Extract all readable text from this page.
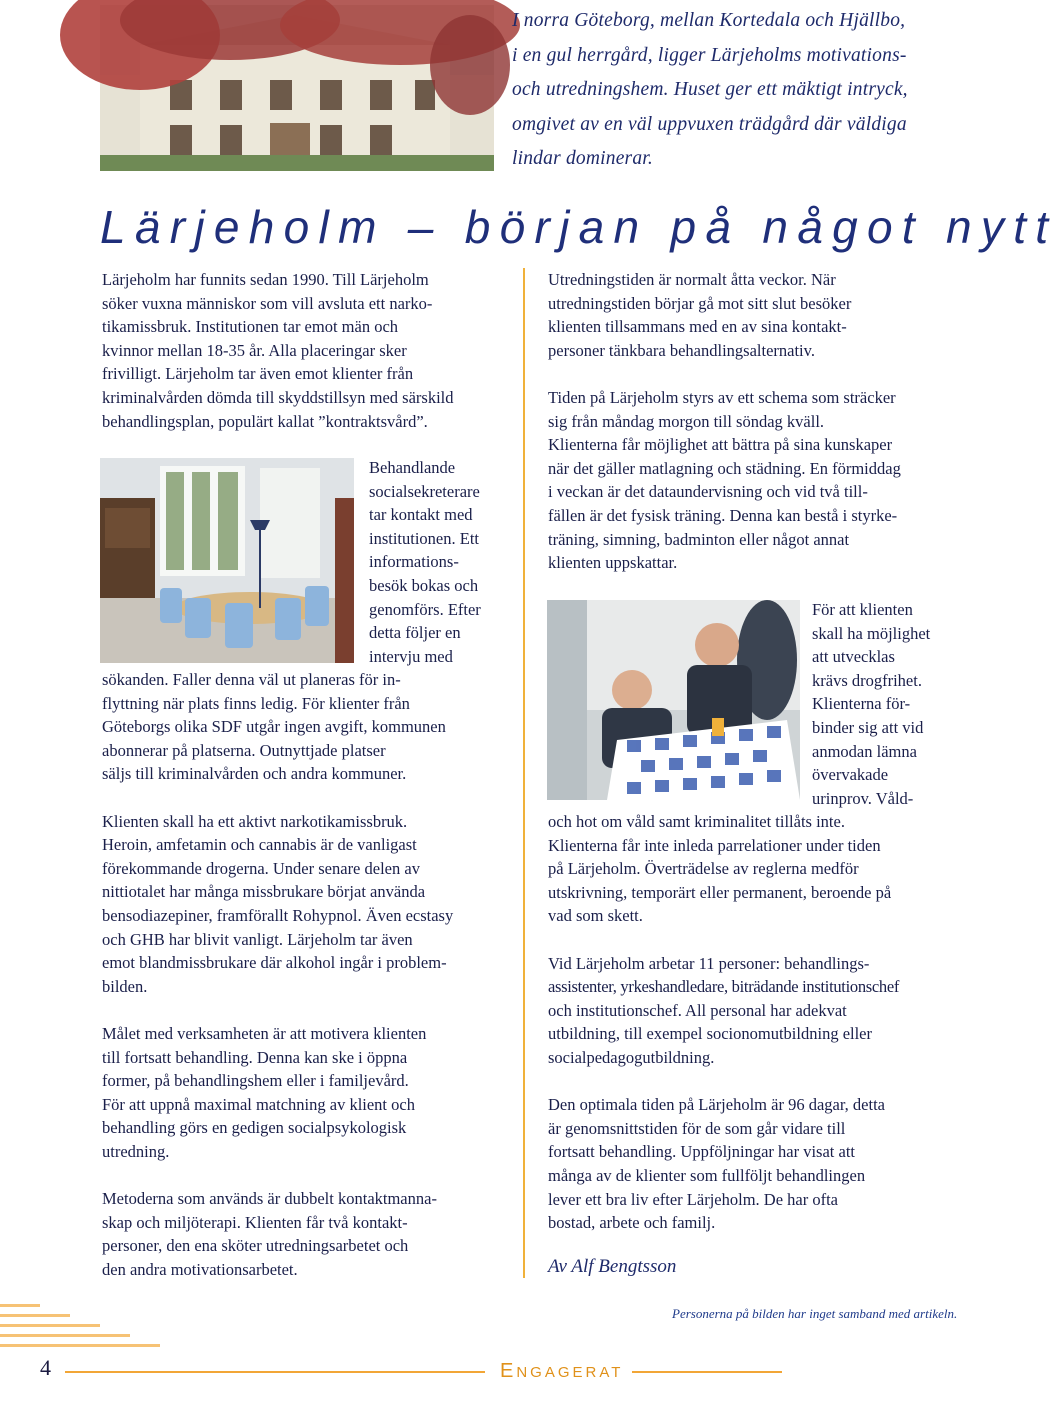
I norra Göteborg, mellan Kortedala och Hjällbo,
i en gul herrgård, ligger Lärjeholms motivations-
och utredningshem. Huset ger ett mäktigt intryck,
omgivet av en väl uppvuxen trädgård där väldiga
lindar dominerar.
Lärjeholm – början på något nytt
Lärjeholm har funnits sedan 1990. Till Lärjeholm
söker vuxna människor som vill avsluta ett narko-
tikamissbruk. Institutionen tar emot män och
kvinnor mellan 18-35 år. Alla placeringar sker
frivilligt. Lärjeholm tar även emot klienter från
kriminalvården dömda till skyddstillsyn med särskild
behandlingsplan, populärt kallat ”kontraktsvård”.
Behandlande
socialsekreterare
tar kontakt med
institutionen. Ett
informations-
besök bokas och
genomförs. Efter
detta följer en
intervju med

sökanden. Faller denna väl ut planeras för in-
flyttning när plats finns ledig. För klienter från
Göteborgs olika SDF utgår ingen avgift, kommunen
abonnerar på platserna. Outnyttjade platser
säljs till kriminalvården och andra kommuner.

Klienten skall ha ett aktivt narkotikamissbruk.
Heroin, amfetamin och cannabis är de vanligast
förekommande drogerna. Under senare delen av
nittiotalet har många missbrukare börjat använda
bensodiazepiner, framförallt Rohypnol. Även ecstasy
och GHB har blivit vanligt. Lärjeholm tar även
emot blandmissbrukare där alkohol ingår i problem-
bilden.

Målet med verksamheten är att motivera klienten
till fortsatt behandling. Denna kan ske i öppna
former, på behandlingshem eller i familjevård.
För att uppnå maximal matchning av klient och
behandling görs en gedigen socialpsykologisk
utredning.

Metoderna som används är dubbelt kontaktmanna-
skap och miljöterapi. Klienten får två kontakt-
personer, den ena sköter utredningsarbetet och
den andra motivationsarbetet.

Utredningstiden är normalt åtta veckor. När
utredningstiden börjar gå mot sitt slut besöker
klienten tillsammans med en av sina kontakt-
personer tänkbara behandlingsalternativ.

Tiden på Lärjeholm styrs av ett schema som sträcker
sig från måndag morgon till söndag kväll.
Klienterna får möjlighet att bättra på sina kunskaper
när det gäller matlagning och städning. En förmiddag
i veckan är det dataundervisning och vid två till-
fällen är det fysisk träning. Denna kan bestå i styrke-
träning, simning, badminton eller något annat
klienten uppskattar.

För att klienten
skall ha möjlighet
att utvecklas
krävs drogfrihet.
Klienterna för-
binder sig att vid
anmodan lämna
övervakade
urinprov. Våld-

och hot om våld samt kriminalitet tillåts inte.
Klienterna får inte inleda parrelationer under tiden
på Lärjeholm. Överträdelse av reglerna medför
utskrivning, temporärt eller permanent, beroende på
vad som skett.

Vid Lärjeholm arbetar 11 personer: behandlings-
assistenter, yrkeshandledare, biträdande institutionschef
och institutionschef. All personal har adekvat
utbildning, till exempel socionomutbildning eller
socialpedagogutbildning.

Den optimala tiden på Lärjeholm är 96 dagar, detta
är genomsnittstiden för de som går vidare till
fortsatt behandling. Uppföljningar har visat att
många av de klienter som fullföljt behandlingen
lever ett bra liv efter Lärjeholm. De har ofta
bostad, arbete och familj.

Av Alf Bengtsson
Personerna på bilden har inget samband med artikeln.
4	ENGAGERAT
